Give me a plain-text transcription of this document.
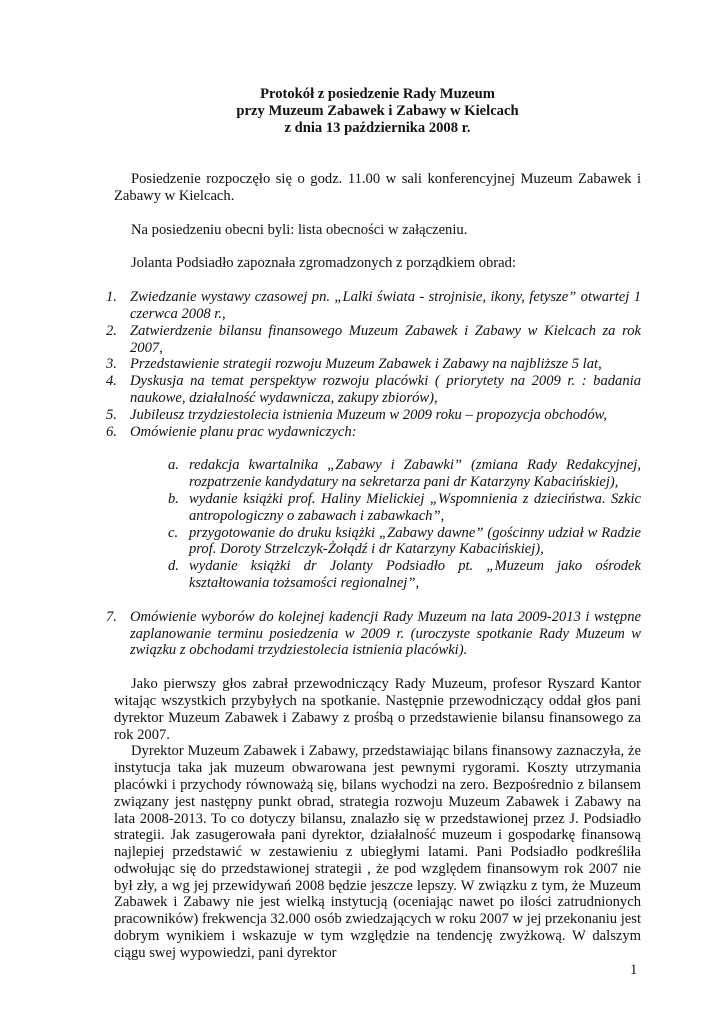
Protokół z posiedzenie Rady Muzeum
przy Muzeum Zabawek i Zabawy w Kielcach
z dnia 13 października 2008 r.

Posiedzenie rozpoczęło się o godz. 11.00 w sali konferencyjnej Muzeum Zabawek i Zabawy w Kielcach.

Na posiedzeniu obecni byli: lista obecności w załączeniu.

Jolanta Podsiadło zapoznała zgromadzonych z porządkiem obrad:

1. Zwiedzanie wystawy czasowej pn. „Lalki świata - strojnisie, ikony, fetysze” otwartej 1 czerwca 2008 r.,
2. Zatwierdzenie bilansu finansowego Muzeum Zabawek i Zabawy w Kielcach za rok 2007,
3. Przedstawienie strategii rozwoju Muzeum Zabawek i Zabawy na najbliższe 5 lat,
4. Dyskusja na temat perspektyw rozwoju placówki ( priorytety na 2009 r. : badania naukowe, działalność wydawnicza, zakupy zbiorów),
5. Jubileusz trzydziestolecia istnienia Muzeum w 2009 roku – propozycja obchodów,
6. Omówienie planu prac wydawniczych:
a. redakcja kwartalnika „Zabawy i Zabawki” (zmiana Rady Redakcyjnej, rozpatrzenie kandydatury na sekretarza pani dr Katarzyny Kabacińskiej),
b. wydanie książki prof. Haliny Mielickiej „Wspomnienia z dzieciństwa. Szkic antropologiczny o zabawach i zabawkach”,
c. przygotowanie do druku książki „Zabawy dawne” (gościnny udział w Radzie prof. Doroty Strzelczyk-Żołądź i dr Katarzyny Kabacińskiej),
d. wydanie książki dr Jolanty Podsiadło pt. „Muzeum jako ośrodek kształtowania tożsamości regionalnej”,
7. Omówienie wyborów do kolejnej kadencji Rady Muzeum na lata 2009-2013 i wstępne zaplanowanie terminu posiedzenia w 2009 r. (uroczyste spotkanie Rady Muzeum w związku z obchodami trzydziestolecia istnienia placówki).

Jako pierwszy głos zabrał przewodniczący Rady Muzeum, profesor Ryszard Kantor witając wszystkich przybyłych na spotkanie. Następnie przewodniczący oddał głos pani dyrektor Muzeum Zabawek i Zabawy z prośbą o przedstawienie bilansu finansowego za rok 2007.

Dyrektor Muzeum Zabawek i Zabawy, przedstawiając bilans finansowy zaznaczyła, że instytucja taka jak muzeum obwarowana jest pewnymi rygorami. Koszty utrzymania placówki i przychody równoważą się, bilans wychodzi na zero. Bezpośrednio z bilansem związany jest następny punkt obrad, strategia rozwoju Muzeum Zabawek i Zabawy na lata 2008-2013. To co dotyczy bilansu, znalazło się w przedstawionej przez J. Podsiadło strategii. Jak zasugerowała pani dyrektor, działalność muzeum i gospodarkę finansową najlepiej przedstawić w zestawieniu z ubiegłymi latami. Pani Podsiadło podkreśliła odwołując się do przedstawionej strategii , że pod względem finansowym rok 2007 nie był zły, a wg jej przewidywań 2008 będzie jeszcze lepszy. W związku z tym, że Muzeum Zabawek i Zabawy nie jest wielką instytucją (oceniając nawet po ilości zatrudnionych pracowników) frekwencja 32.000 osób zwiedzających w roku 2007 w jej przekonaniu jest dobrym wynikiem i wskazuje w tym względzie na tendencję zwyżkową. W dalszym ciągu swej wypowiedzi, pani dyrektor

1
